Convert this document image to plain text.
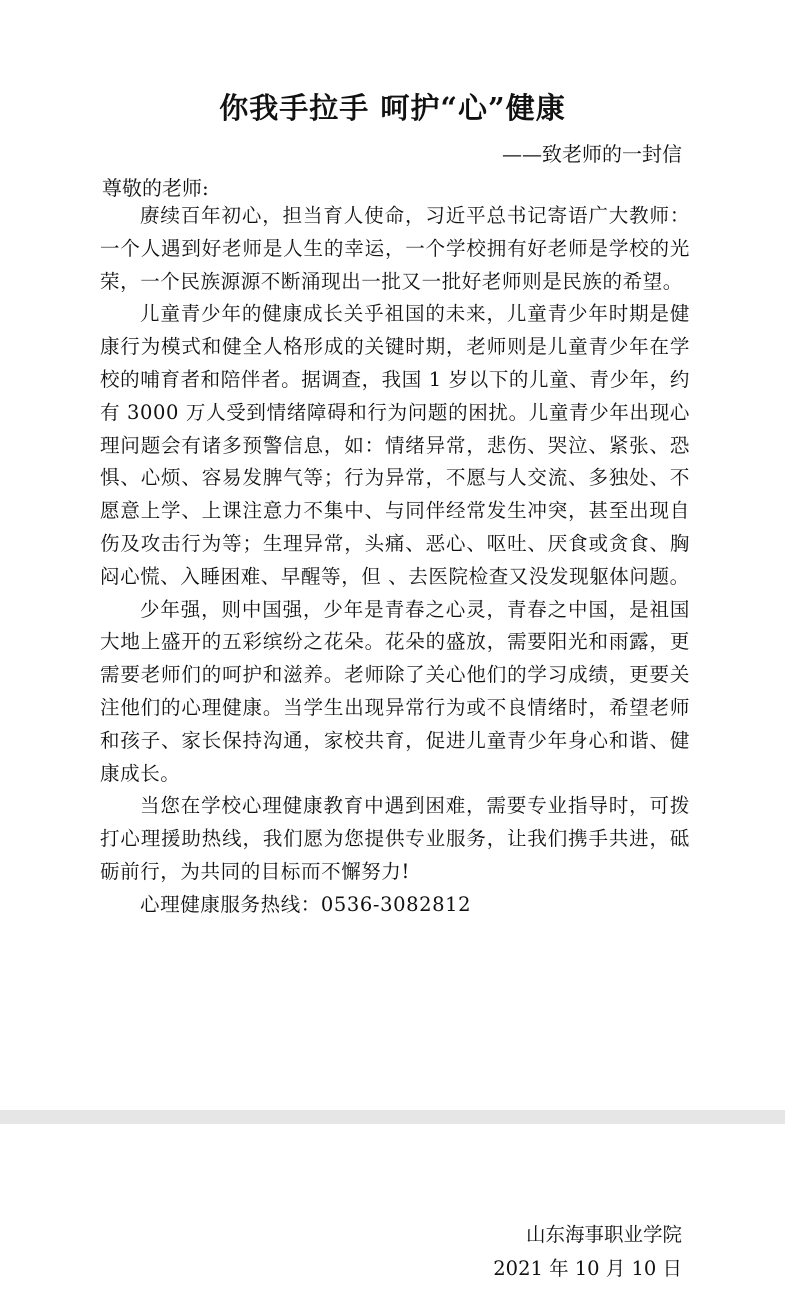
你我手拉手 呵护“心”健康
——致老师的一封信
尊敬的老师:

赓续百年初心，担当育人使命，习近平总书记寄语广大教师：一个人遇到好老师是人生的幸运，一个学校拥有好老师是学校的光荣，一个民族源源不断涌现出一批又一批好老师则是民族的希望。

儿童青少年的健康成长关乎祖国的未来，儿童青少年时期是健康行为模式和健全人格形成的关键时期，老师则是儿童青少年在学校的哺育者和陪伴者。据调查，我国 1 岁以下的儿童、青少年，约有 3000 万人受到情绪障碍和行为问题的困扰。儿童青少年出现心理问题会有诸多预警信息，如：情绪异常，悲伤、哭泣、紧张、恐惧、心烦、容易发脾气等；行为异常，不愿与人交流、多独处、不愿意上学、上课注意力不集中、与同伴经常发生冲突，甚至出现自伤及攻击行为等；生理异常，头痛、恶心、呕吐、厌食或贪食、胸闷心慌、入睡困难、早醒等，但 、去医院检查又没发现躯体问题。

少年强，则中国强，少年是青春之心灵，青春之中国，是祖国大地上盛开的五彩缤纷之花朵。花朵的盛放，需要阳光和雨露，更需要老师们的呵护和滋养。老师除了关心他们的学习成绩，更要关注他们的心理健康。当学生出现异常行为或不良情绪时，希望老师和孩子、家长保持沟通，家校共育，促进儿童青少年身心和谐、健康成长。

当您在学校心理健康教育中遇到困难，需要专业指导时，可拨打心理援助热线，我们愿为您提供专业服务，让我们携手共进，砥砺前行，为共同的目标而不懈努力!

心理健康服务热线：0536-3082812

山东海事职业学院
2021 年 10 月 10 日
